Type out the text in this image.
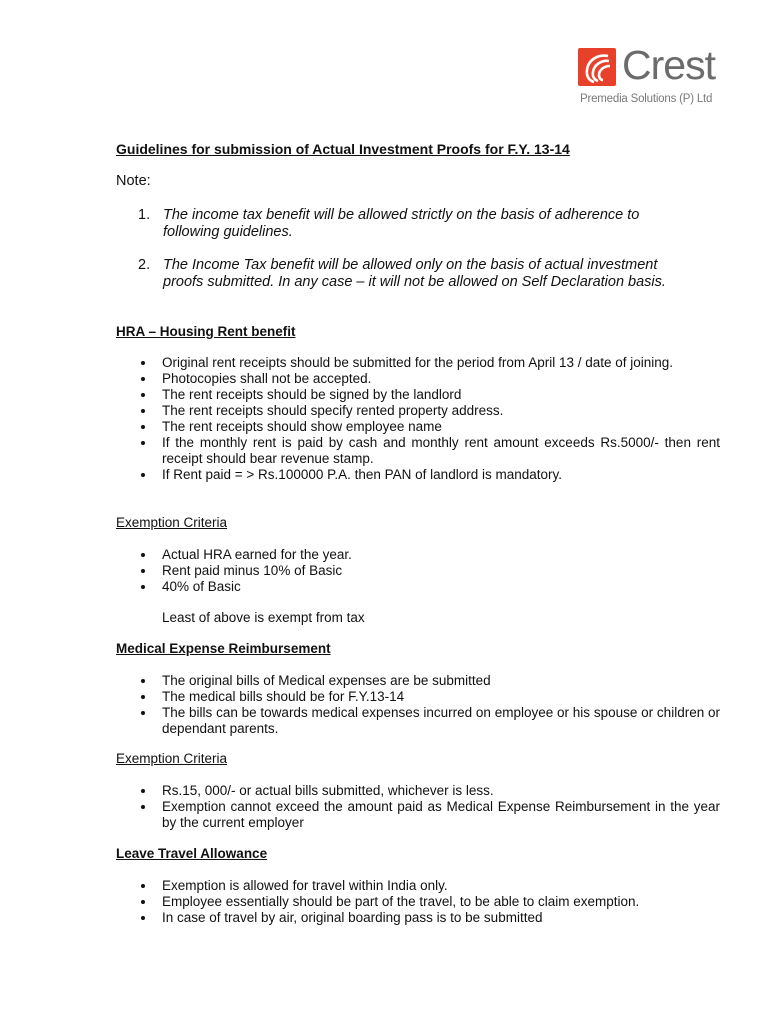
Crest
Premedia Solutions (P) Ltd
Guidelines for submission of Actual Investment Proofs for F.Y. 13-14
Note:
1. The income tax benefit will be allowed strictly on the basis of adherence to following guidelines.
2. The Income Tax benefit will be allowed only on the basis of actual investment proofs submitted. In any case – it will not be allowed on Self Declaration basis.
HRA – Housing Rent benefit
Original rent receipts should be submitted for the period from April 13 / date of joining.
Photocopies shall not be accepted.
The rent receipts should be signed by the landlord
The rent receipts should specify rented property address.
The rent receipts should show employee name
If the monthly rent is paid by cash and monthly rent amount exceeds Rs.5000/- then rent receipt should bear revenue stamp.
If Rent paid = > Rs.100000 P.A. then PAN of landlord is mandatory.
Exemption Criteria
Actual HRA earned for the year.
Rent paid minus 10% of Basic
40% of Basic
Least of above is exempt from tax
Medical Expense Reimbursement
The original bills of Medical expenses are be submitted
The medical bills should be for F.Y.13-14
The bills can be towards medical expenses incurred on employee or his spouse or children or dependant parents.
Exemption Criteria
Rs.15, 000/- or actual bills submitted, whichever is less.
Exemption cannot exceed the amount paid as Medical Expense Reimbursement in the year by the current employer
Leave Travel Allowance
Exemption is allowed for travel within India only.
Employee essentially should be part of the travel, to be able to claim exemption.
In case of travel by air, original boarding pass is to be submitted
